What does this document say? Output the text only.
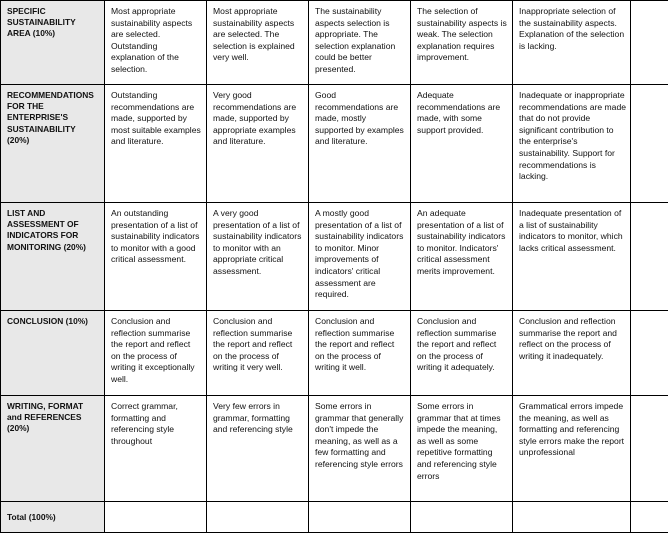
SPECIFIC SUSTAINABILITY AREA (10%)	Most appropriate sustainability aspects are selected. Outstanding explanation of the selection.	Most appropriate sustainability aspects are selected. The selection is explained very well.	The sustainability aspects selection is appropriate. The selection explanation could be better presented.	The selection of sustainability aspects is weak. The selection explanation requires improvement.	Inappropriate selection of the sustainability aspects. Explanation of the selection is lacking.	
RECOMMENDATIONS FOR THE ENTERPRISE'S SUSTAINABILITY (20%)	Outstanding recommendations are made, supported by most suitable examples and literature.	Very good recommendations are made, supported by appropriate examples and literature.	Good recommendations are made, mostly supported by examples and literature.	Adequate recommendations are made, with some support provided.	Inadequate or inappropriate recommendations are made that do not provide significant contribution to the enterprise's sustainability. Support for recommendations is lacking.	
LIST AND ASSESSMENT OF INDICATORS FOR MONITORING (20%)	An outstanding presentation of a list of sustainability indicators to monitor with a good critical assessment.	A very good presentation of a list of sustainability indicators to monitor with an appropriate critical assessment.	A mostly good presentation of a list of sustainability indicators to monitor. Minor improvements of indicators' critical assessment are required.	An adequate presentation of a list of sustainability indicators to monitor. Indicators' critical assessment merits improvement.	Inadequate presentation of a list of sustainability indicators to monitor, which lacks critical assessment.	
CONCLUSION (10%)	Conclusion and reflection summarise the report and reflect on the process of writing it exceptionally well.	Conclusion and reflection summarise the report and reflect on the process of writing it very well.	Conclusion and reflection summarise the report and reflect on the process of writing it well.	Conclusion and reflection summarise the report and reflect on the process of writing it adequately.	Conclusion and reflection summarise the report and reflect on the process of writing it inadequately.	
WRITING, FORMAT and REFERENCES (20%)	Correct grammar, formatting and referencing style throughout	Very few errors in grammar, formatting and referencing style	Some errors in grammar that generally don't impede the meaning, as well as a few formatting and referencing style errors	Some errors in grammar that at times impede the meaning, as well as some repetitive formatting and referencing style errors	Grammatical errors impede the meaning, as well as formatting and referencing style errors make the report unprofessional	
Total (100%)						
